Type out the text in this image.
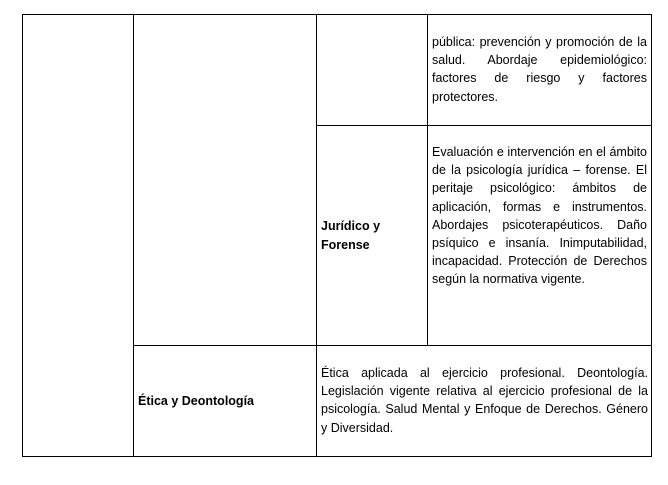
pública: prevención y promoción de la salud. Abordaje epidemiológico: factores de riesgo y factores protectores.
Jurídico y Forense
Evaluación e intervención en el ámbito de la psicología jurídica – forense. El peritaje psicológico: ámbitos de aplicación, formas e instrumentos. Abordajes psicoterapéuticos. Daño psíquico e insanía. Inimputabilidad, incapacidad. Protección de Derechos según la normativa vigente.
Ética y Deontología
Ética aplicada al ejercicio profesional. Deontología. Legislación vigente relativa al ejercicio profesional de la psicología. Salud Mental y Enfoque de Derechos. Género y Diversidad.
